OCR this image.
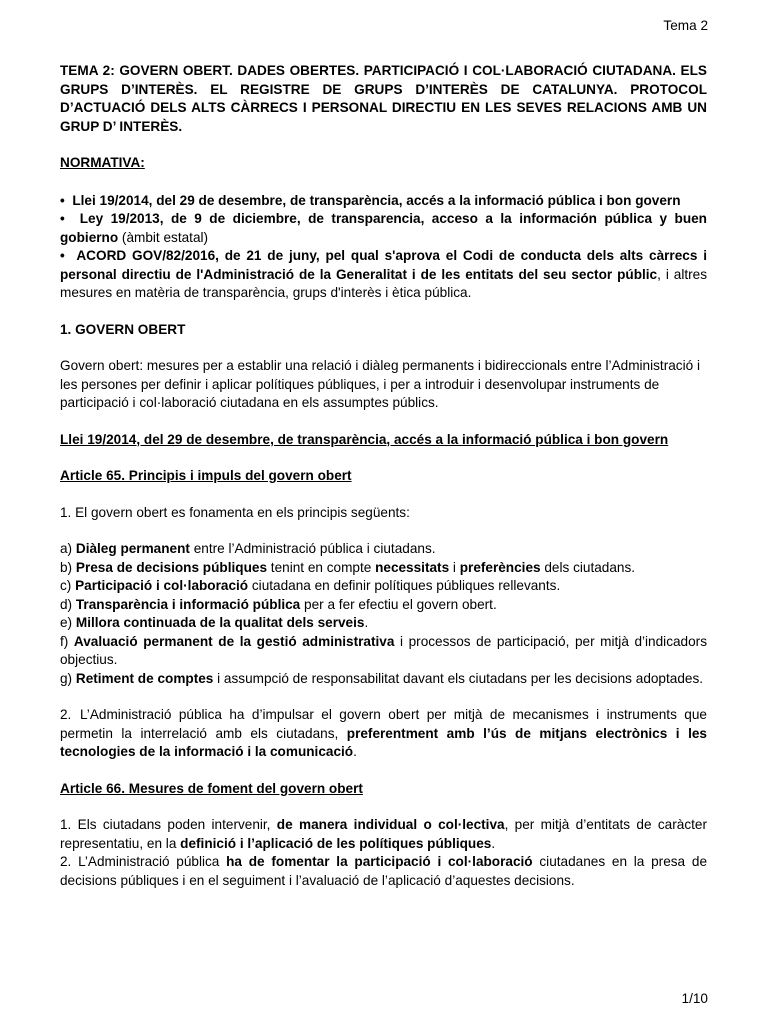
Tema 2

TEMA 2: GOVERN OBERT. DADES OBERTES. PARTICIPACIÓ I COL·LABORACIÓ CIUTADANA. ELS GRUPS D’INTERÈS. EL REGISTRE DE GRUPS D’INTERÈS DE CATALUNYA. PROTOCOL D’ACTUACIÓ DELS ALTS CÀRRECS I PERSONAL DIRECTIU EN LES SEVES RELACIONS AMB UN GRUP D’ INTERÈS.

NORMATIVA:

• Llei 19/2014, del 29 de desembre, de transparència, accés a la informació pública i bon govern

• Ley 19/2013, de 9 de diciembre, de transparencia, acceso a la información pública y buen gobierno (àmbit estatal)

• ACORD GOV/82/2016, de 21 de juny, pel qual s'aprova el Codi de conducta dels alts càrrecs i personal directiu de l'Administració de la Generalitat i de les entitats del seu sector públic, i altres mesures en matèria de transparència, grups d'interès i ètica pública.

1. GOVERN OBERT

Govern obert: mesures per a establir una relació i diàleg permanents i bidireccionals entre l’Administració i les persones per definir i aplicar polítiques públiques, i per a introduir i desenvolupar instruments de participació i col·laboració ciutadana en els assumptes públics.

Llei 19/2014, del 29 de desembre, de transparència, accés a la informació pública i bon govern

Article 65. Principis i impuls del govern obert

1. El govern obert es fonamenta en els principis següents:

a) Diàleg permanent entre l’Administració pública i ciutadans.

b) Presa de decisions públiques tenint en compte necessitats i preferències dels ciutadans.

c) Participació i col·laboració ciutadana en definir polítiques públiques rellevants.

d) Transparència i informació pública per a fer efectiu el govern obert.

e) Millora continuada de la qualitat dels serveis.

f) Avaluació permanent de la gestió administrativa i processos de participació, per mitjà d’indicadors objectius.

g) Retiment de comptes i assumpció de responsabilitat davant els ciutadans per les decisions adoptades.

2. L’Administració pública ha d’impulsar el govern obert per mitjà de mecanismes i instruments que permetin la interrelació amb els ciutadans, preferentment amb l’ús de mitjans electrònics i les tecnologies de la informació i la comunicació.

Article 66. Mesures de foment del govern obert

1. Els ciutadans poden intervenir, de manera individual o col·lectiva, per mitjà d’entitats de caràcter representatiu, en la definició i l’aplicació de les polítiques públiques.

2. L’Administració pública ha de fomentar la participació i col·laboració ciutadanes en la presa de decisions públiques i en el seguiment i l’avaluació de l’aplicació d’aquestes decisions.

1/10
